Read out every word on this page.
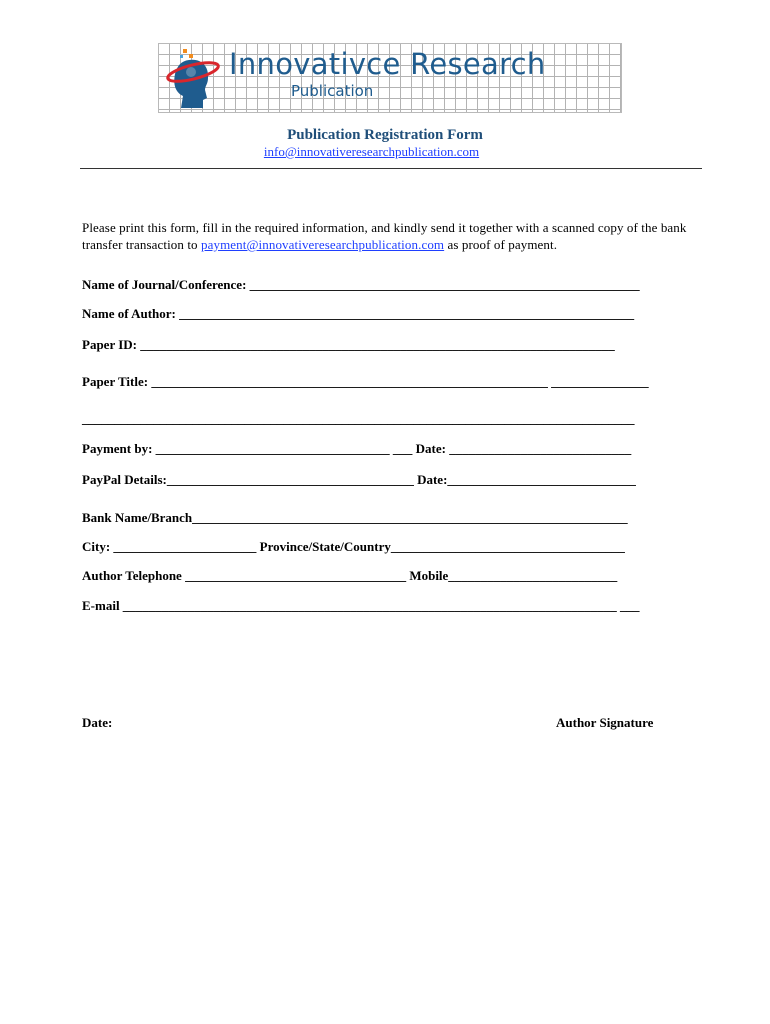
Innovativce Research
Publication
Publication Registration Form
info@innovativeresearchpublication.com
Please print this form, fill in the required information, and kindly send it together with a scanned copy of the bank transfer transaction to payment@innovativeresearchpublication.com as proof of payment.
Name of Journal/Conference: ____________________________________________________________
Name of Author: ______________________________________________________________________
Paper ID: _________________________________________________________________________
Paper Title: _____________________________________________________________ _______________
_____________________________________________________________________________________
Payment by: ____________________________________ ___ Date: ____________________________
PayPal Details:______________________________________ Date:_____________________________
Bank Name/Branch___________________________________________________________________
City: ______________________ Province/State/Country____________________________________
Author Telephone __________________________________ Mobile__________________________
E-mail ____________________________________________________________________________ ___
Date:	Author Signature
